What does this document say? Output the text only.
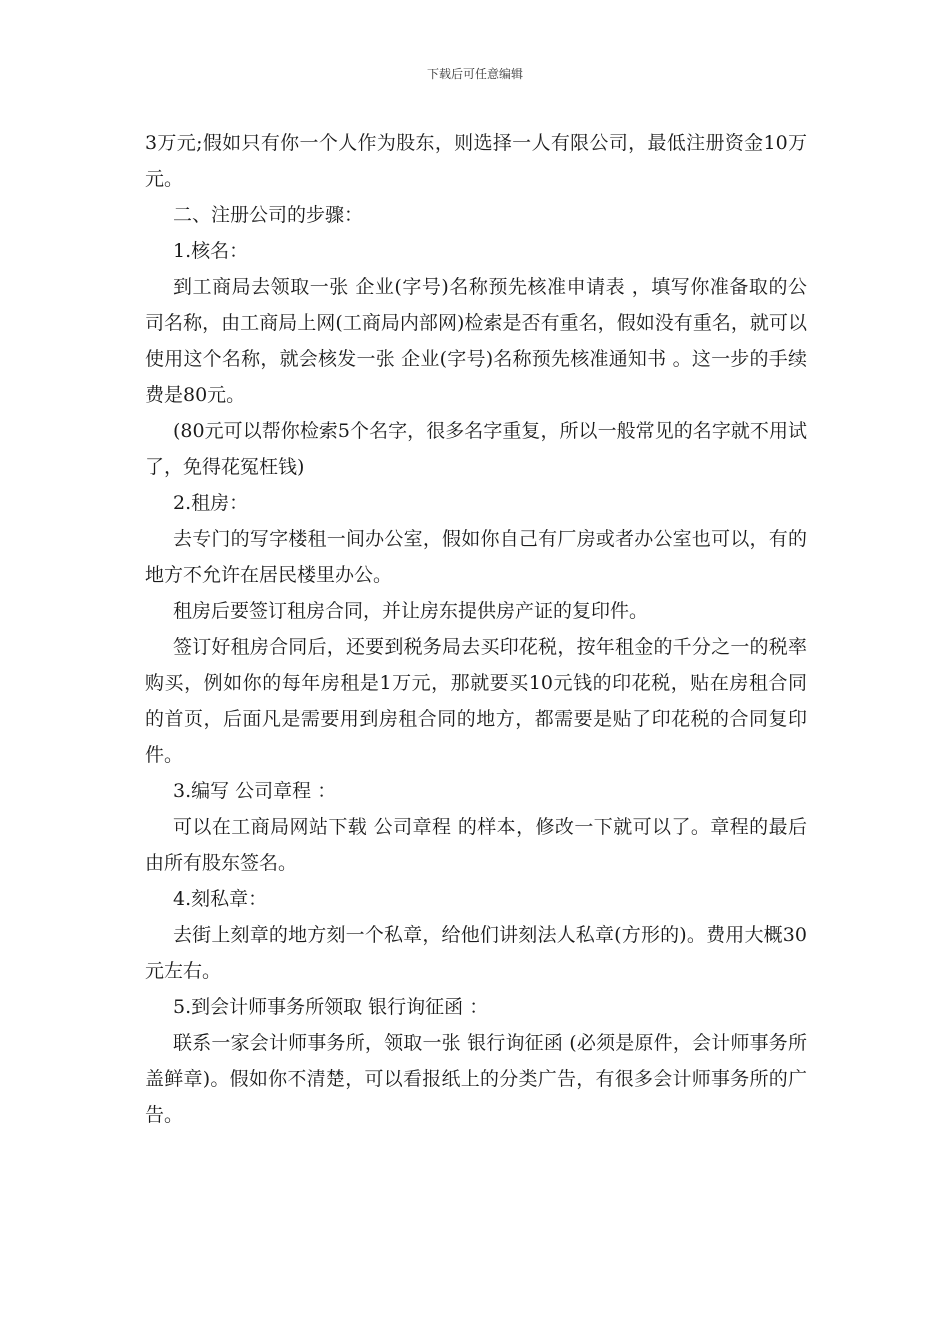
下载后可任意编辑

3万元;假如只有你一个人作为股东，则选择一人有限公司，最低注册资金10万元。

二、注册公司的步骤：

1.核名：

到工商局去领取一张 企业(字号)名称预先核准申请表 ，填写你准备取的公司名称，由工商局上网(工商局内部网)检索是否有重名，假如没有重名，就可以使用这个名称，就会核发一张 企业(字号)名称预先核准通知书 。这一步的手续费是80元。

(80元可以帮你检索5个名字，很多名字重复，所以一般常见的名字就不用试了，免得花冤枉钱)

2.租房：

去专门的写字楼租一间办公室，假如你自己有厂房或者办公室也可以，有的地方不允许在居民楼里办公。

租房后要签订租房合同，并让房东提供房产证的复印件。

签订好租房合同后，还要到税务局去买印花税，按年租金的千分之一的税率购买，例如你的每年房租是1万元，那就要买10元钱的印花税，贴在房租合同的首页，后面凡是需要用到房租合同的地方，都需要是贴了印花税的合同复印件。

3.编写 公司章程 ：

可以在工商局网站下载 公司章程 的样本，修改一下就可以了。章程的最后由所有股东签名。

4.刻私章：

去街上刻章的地方刻一个私章，给他们讲刻法人私章(方形的)。费用大概30元左右。

5.到会计师事务所领取 银行询征函 ：

联系一家会计师事务所，领取一张 银行询征函 (必须是原件，会计师事务所盖鲜章)。假如你不清楚，可以看报纸上的分类广告，有很多会计师事务所的广告。
